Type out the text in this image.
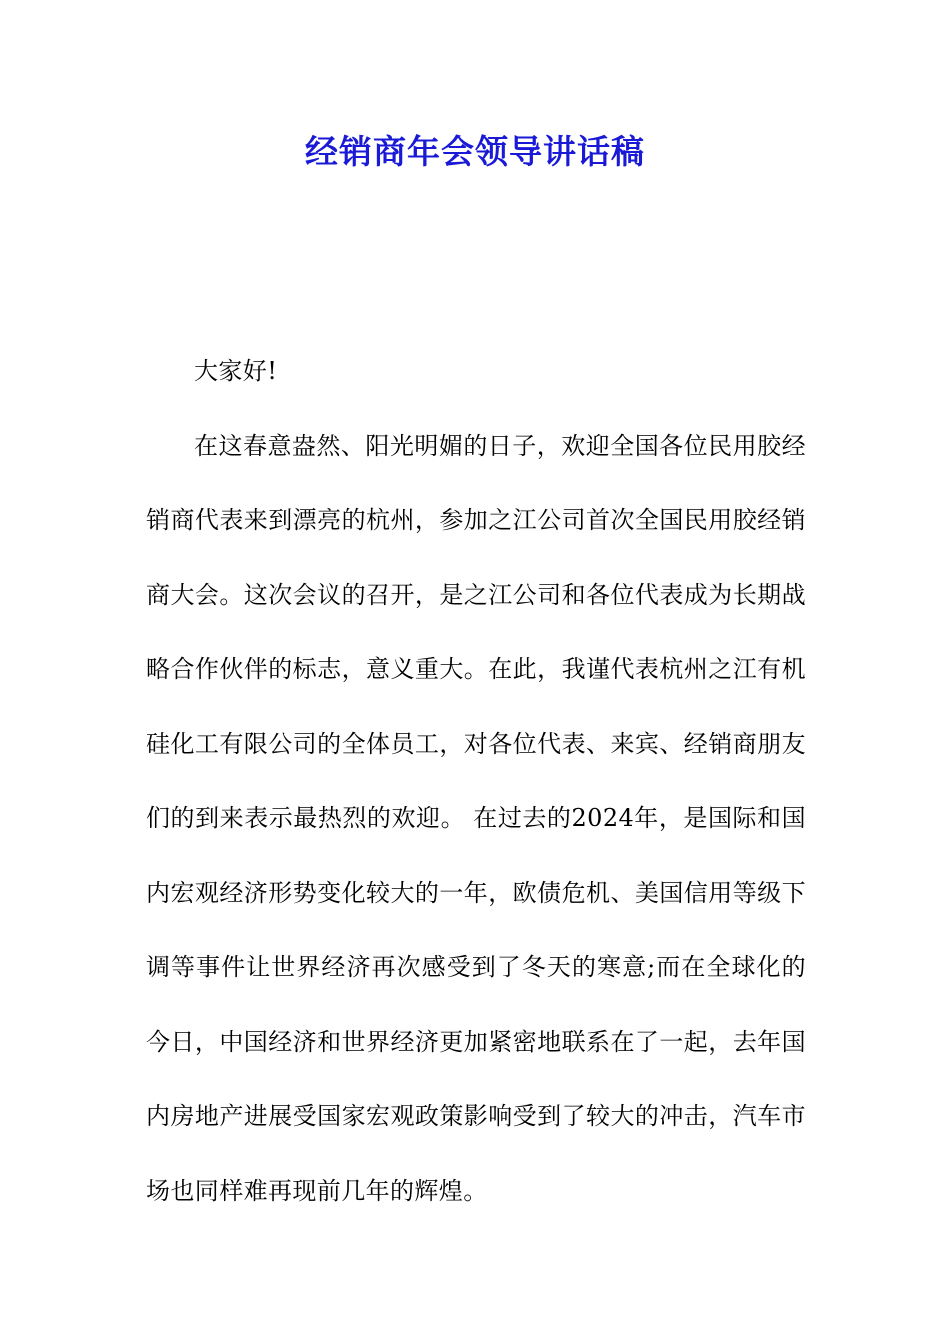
经销商年会领导讲话稿

大家好!

在这春意盎然、阳光明媚的日子，欢迎全国各位民用胶经销商代表来到漂亮的杭州，参加之江公司首次全国民用胶经销商大会。这次会议的召开，是之江公司和各位代表成为长期战略合作伙伴的标志，意义重大。在此，我谨代表杭州之江有机硅化工有限公司的全体员工，对各位代表、来宾、经销商朋友们的到来表示最热烈的欢迎。 在过去的2024年，是国际和国内宏观经济形势变化较大的一年，欧债危机、美国信用等级下调等事件让世界经济再次感受到了冬天的寒意;而在全球化的今日，中国经济和世界经济更加紧密地联系在了一起，去年国内房地产进展受国家宏观政策影响受到了较大的冲击，汽车市场也同样难再现前几年的辉煌。
